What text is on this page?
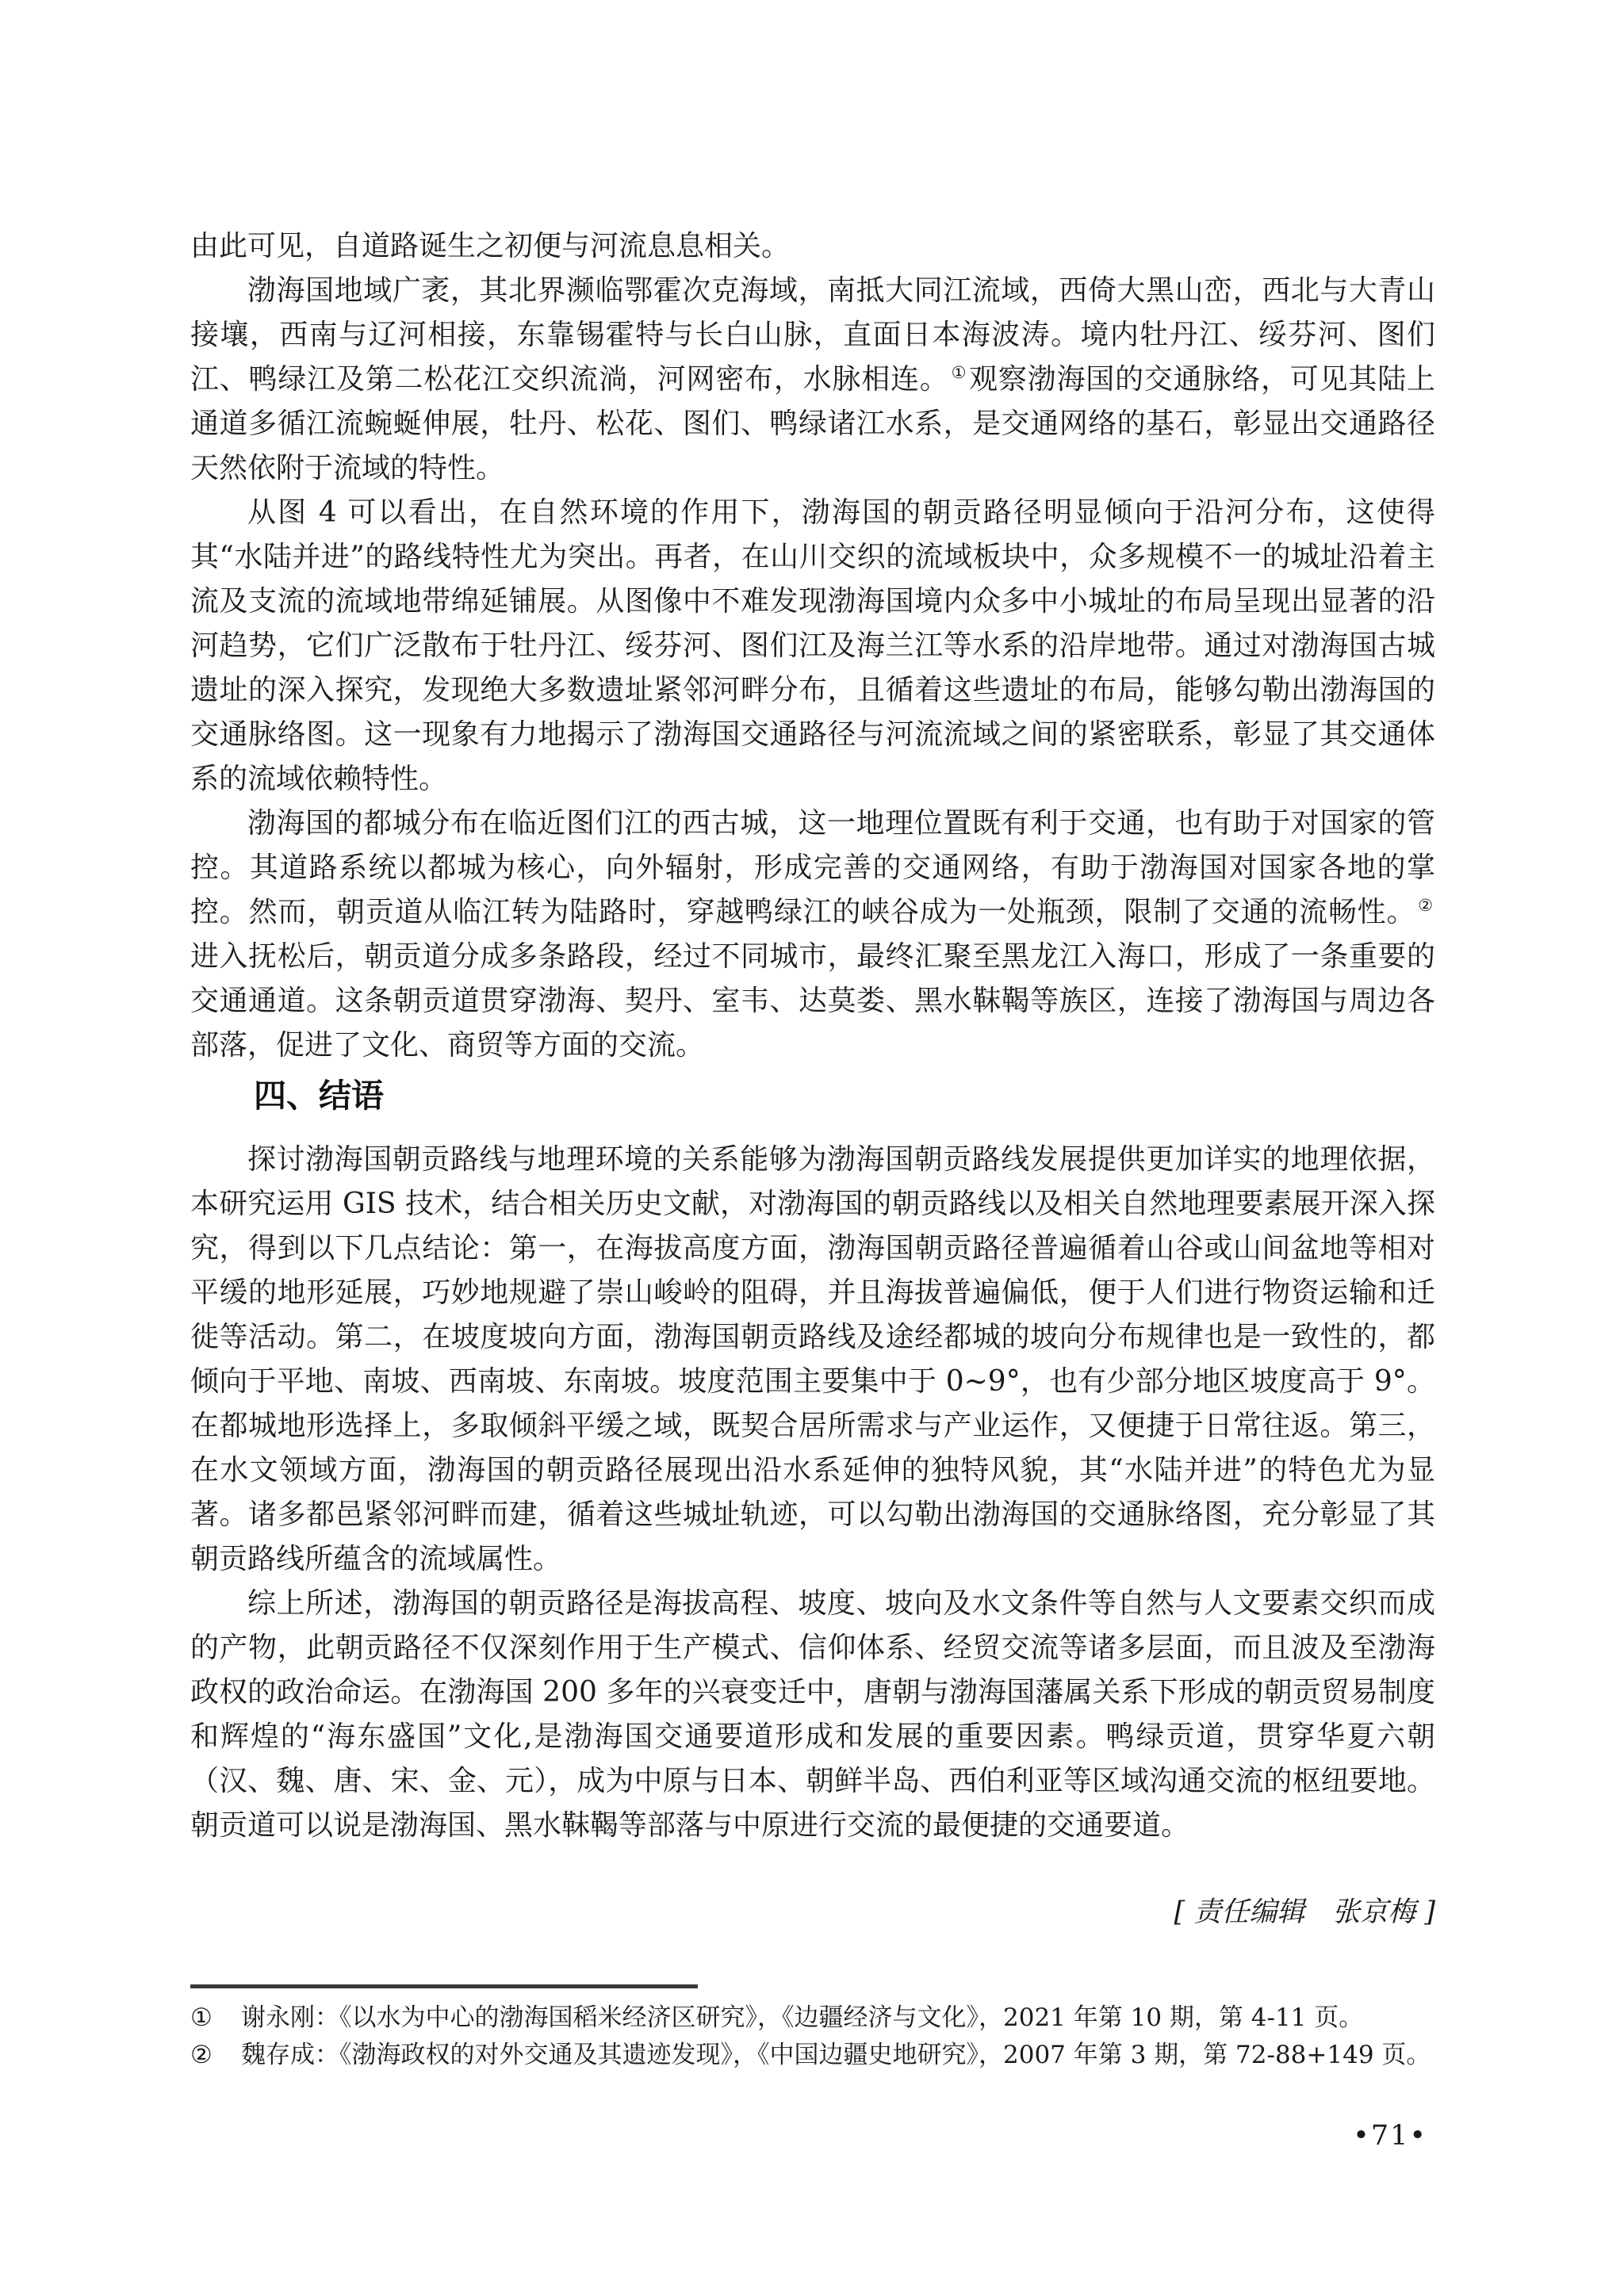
由此可见，自道路诞生之初便与河流息息相关。

渤海国地域广袤，其北界濒临鄂霍次克海域，南抵大同江流域，西倚大黑山峦，西北与大青山接壤，西南与辽河相接，东靠锡霍特与长白山脉，直面日本海波涛。境内牡丹江、绥芬河、图们江、鸭绿江及第二松花江交织流淌，河网密布，水脉相连。 ①观察渤海国的交通脉络，可见其陆上通道多循江流蜿蜒伸展，牡丹、松花、图们、鸭绿诸江水系，是交通网络的基石，彰显出交通路径天然依附于流域的特性。

从图 4 可以看出，在自然环境的作用下，渤海国的朝贡路径明显倾向于沿河分布，这使得其“水陆并进”的路线特性尤为突出。再者，在山川交织的流域板块中，众多规模不一的城址沿着主流及支流的流域地带绵延铺展。从图像中不难发现渤海国境内众多中小城址的布局呈现出显著的沿河趋势，它们广泛散布于牡丹江、绥芬河、图们江及海兰江等水系的沿岸地带。通过对渤海国古城遗址的深入探究，发现绝大多数遗址紧邻河畔分布，且循着这些遗址的布局，能够勾勒出渤海国的交通脉络图。这一现象有力地揭示了渤海国交通路径与河流流域之间的紧密联系，彰显了其交通体系的流域依赖特性。

渤海国的都城分布在临近图们江的西古城，这一地理位置既有利于交通，也有助于对国家的管控。其道路系统以都城为核心，向外辐射，形成完善的交通网络，有助于渤海国对国家各地的掌控。然而，朝贡道从临江转为陆路时，穿越鸭绿江的峡谷成为一处瓶颈，限制了交通的流畅性。 ②进入抚松后，朝贡道分成多条路段，经过不同城市，最终汇聚至黑龙江入海口，形成了一条重要的交通通道。这条朝贡道贯穿渤海、契丹、室韦、达莫娄、黑水靺鞨等族区，连接了渤海国与周边各部落，促进了文化、商贸等方面的交流。

四、结语

探讨渤海国朝贡路线与地理环境的关系能够为渤海国朝贡路线发展提供更加详实的地理依据，本研究运用 GIS 技术，结合相关历史文献，对渤海国的朝贡路线以及相关自然地理要素展开深入探究，得到以下几点结论：第一，在海拔高度方面，渤海国朝贡路径普遍循着山谷或山间盆地等相对平缓的地形延展，巧妙地规避了崇山峻岭的阻碍，并且海拔普遍偏低，便于人们进行物资运输和迁徙等活动。第二，在坡度坡向方面，渤海国朝贡路线及途经都城的坡向分布规律也是一致性的，都倾向于平地、南坡、西南坡、东南坡。坡度范围主要集中于 0~9°，也有少部分地区坡度高于 9°。在都城地形选择上，多取倾斜平缓之域，既契合居所需求与产业运作，又便捷于日常往返。第三，在水文领域方面，渤海国的朝贡路径展现出沿水系延伸的独特风貌，其“水陆并进”的特色尤为显著。诸多都邑紧邻河畔而建，循着这些城址轨迹，可以勾勒出渤海国的交通脉络图，充分彰显了其朝贡路线所蕴含的流域属性。

综上所述，渤海国的朝贡路径是海拔高程、坡度、坡向及水文条件等自然与人文要素交织而成的产物，此朝贡路径不仅深刻作用于生产模式、信仰体系、经贸交流等诸多层面，而且波及至渤海政权的政治命运。在渤海国 200 多年的兴衰变迁中，唐朝与渤海国藩属关系下形成的朝贡贸易制度和辉煌的“海东盛国”文化,是渤海国交通要道形成和发展的重要因素。鸭绿贡道，贯穿华夏六朝（汉、魏、唐、宋、金、元），成为中原与日本、朝鲜半岛、西伯利亚等区域沟通交流的枢纽要地。朝贡道可以说是渤海国、黑水靺鞨等部落与中原进行交流的最便捷的交通要道。

[ 责任编辑　张京梅 ]

①	谢永刚：《以水为中心的渤海国稻米经济区研究》，《边疆经济与文化》，2021 年第 10 期，第 4-11 页。
②	魏存成：《渤海政权的对外交通及其遗迹发现》，《中国边疆史地研究》，2007 年第 3 期，第 72-88+149 页。
•71•
